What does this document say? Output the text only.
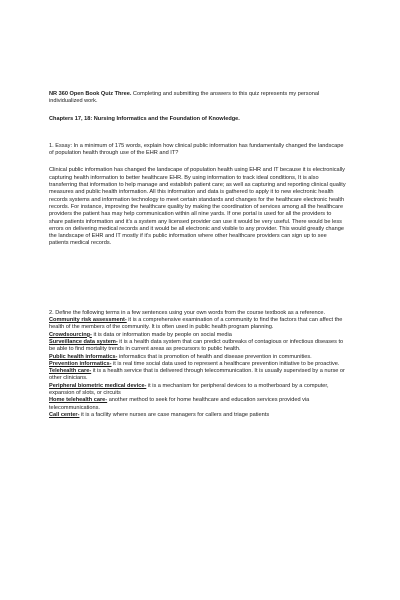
NR 360 Open Book Quiz Three. Completing and submitting the answers to this quiz represents my personal individualized work.

Chapters 17, 18: Nursing Informatics and the Foundation of Knowledge.

1. Essay: In a minimum of 175 words, explain how clinical public information has fundamentally changed the landscape of population health through use of the EHR and IT?

Clinical public information has changed the landscape of population health using EHR and IT because it is electronically capturing health information to better healthcare EHR. By using information to track ideal conditions, It is also transferring that information to help manage and establish patient care; as well as capturing and reporting clinical quality measures and public health information. All this information and data is gathered to apply it to new electronic health records systems and information technology to meet certain standards and changes for the healthcare electronic health records. For instance, improving the healthcare quality by making the coordination of services among all the healthcare providers the patient has may help communication within all nine yards. If one portal is used for all the providers to share patients information and it's a system any licensed provider can use it would be very useful. There would be less errors on delivering medical records and it would be all electronic and visible to any provider. This would greatly change the landscape of EHR and IT mostly if it's public information where other healthcare providers can sign up to see patients medical records.

2. Define the following terms in a few sentences using your own words from the course textbook as a reference.

Community risk assessment- it is a comprehensive examination of a community to find the factors that can affect the health of the members of the community. It is often used in public health program planning.

Crowdsourcing- it is data or information made by people on social media

Surveillance data system- it is a health data system that can predict outbreaks of contagious or infectious diseases to be able to find mortality trends in current areas as precursors to public health.

Public health informatics- informatics that is promotion of health and disease prevention in communities.

Prevention informatics- it is real time social data used to represent a healthcare prevention initiative to be proactive.

Telehealth care- it is a health service that is delivered through telecommunication. It is usually supervised by a nurse or other clinicians.

Peripheral biometric medical device- it is a mechanism for peripheral devices to a motherboard by a computer, expansion of slots, or circuits

Home telehealth care- another method to seek for home healthcare and education services provided via telecommunications.

Call center- it is a facility where nurses are case managers for callers and triage patients
